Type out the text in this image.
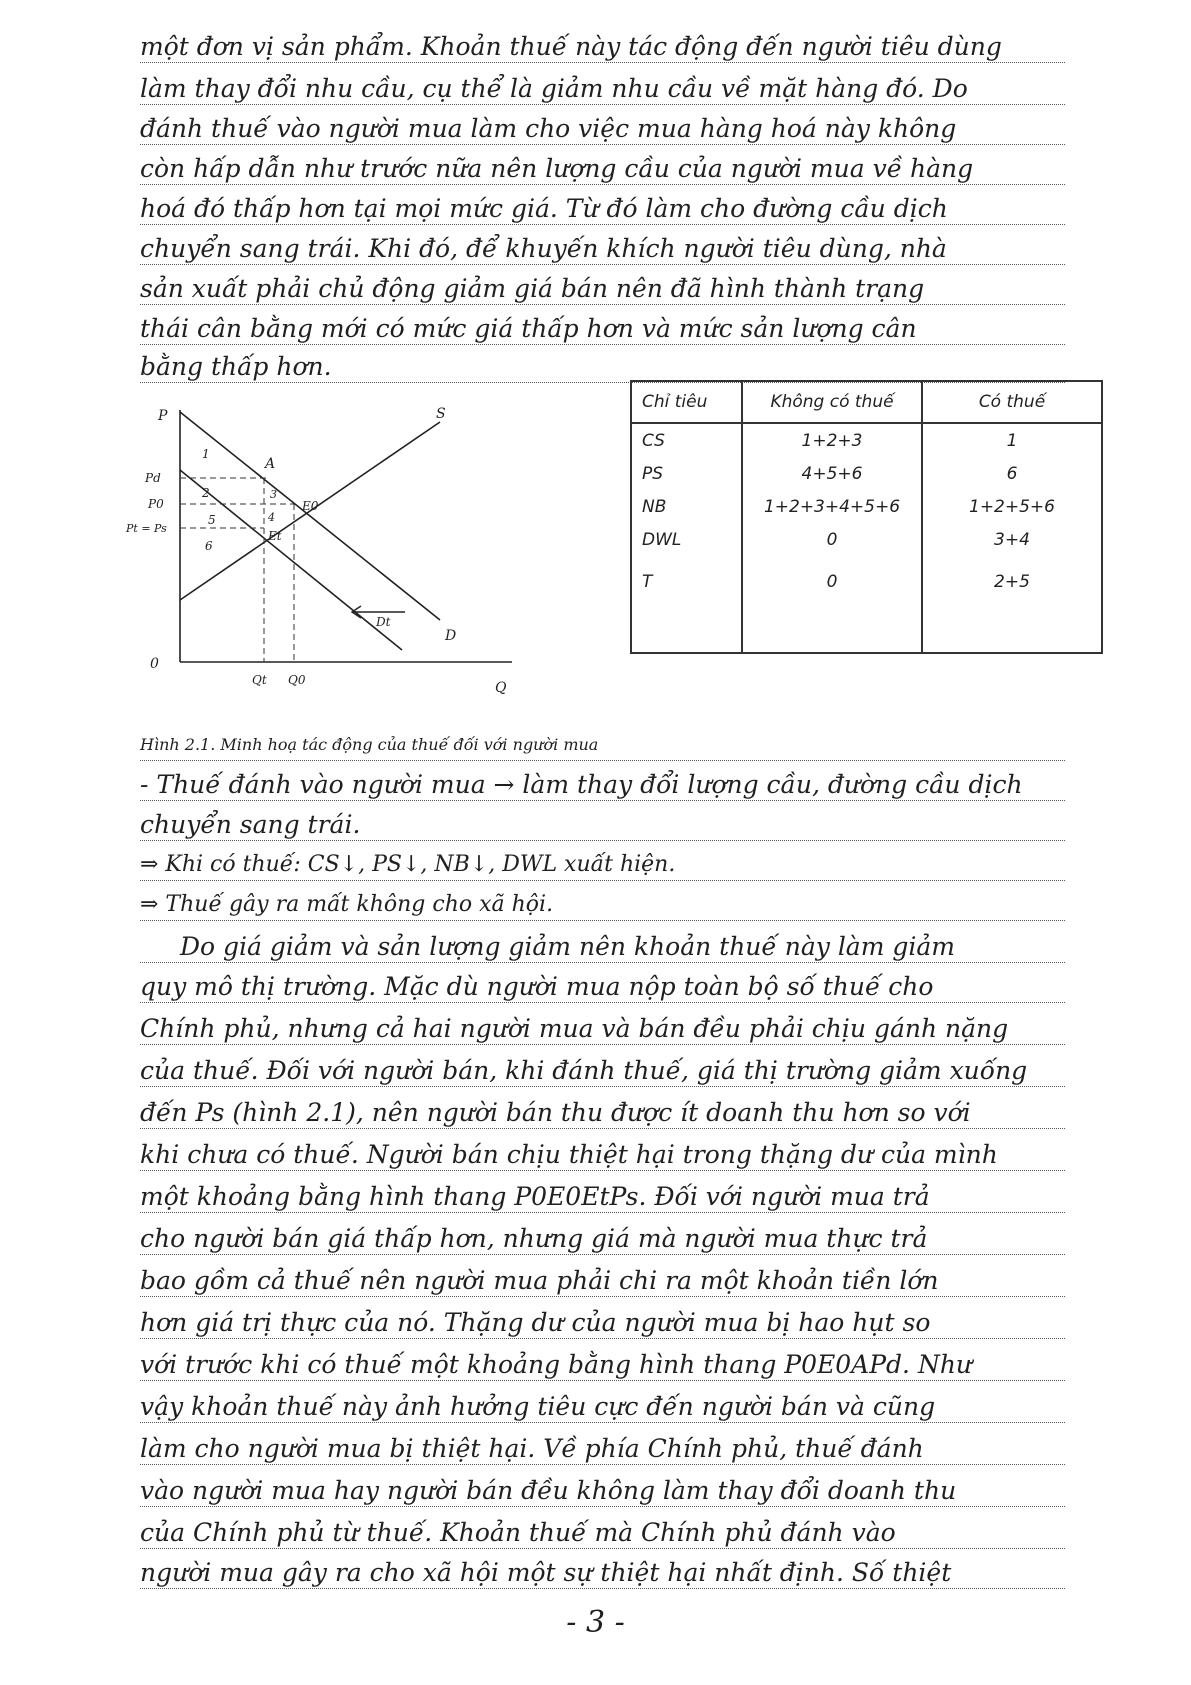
một đơn vị sản phẩm. Khoản thuế này tác động đến người tiêu dùng
làm thay đổi nhu cầu, cụ thể là giảm nhu cầu về mặt hàng đó. Do
đánh thuế vào người mua làm cho việc mua hàng hoá này không
còn hấp dẫn như trước nữa nên lượng cầu của người mua về hàng
hoá đó thấp hơn tại mọi mức giá. Từ đó làm cho đường cầu dịch
chuyển sang trái. Khi đó, để khuyến khích người tiêu dùng, nhà
sản xuất phải chủ động giảm giá bán nên đã hình thành trạng
thái cân bằng mới có mức giá thấp hơn và mức sản lượng cân
bằng thấp hơn.
P
Q
0
S
D
Dt
A
E0
Et
Pd
P0
Pt = Ps
Qt Q0
1
2	3
4
5
6
Chỉ tiêu	Không có thuế	Có thuế
CS	1+2+3	1
PS	4+5+6	6
NB	1+2+3+4+5+6	1+2+5+6
DWL	0	3+4
T	0	2+5
Hình 2.1. Minh hoạ tác động của thuế đối với người mua
- Thuế đánh vào người mua → làm thay đổi lượng cầu, đường cầu dịch
chuyển sang trái.
⇒ Khi có thuế: CS↓, PS↓, NB↓, DWL xuất hiện.
⇒ Thuế gây ra mất không cho xã hội.
Do giá giảm và sản lượng giảm nên khoản thuế này làm giảm
quy mô thị trường. Mặc dù người mua nộp toàn bộ số thuế cho
Chính phủ, nhưng cả hai người mua và bán đều phải chịu gánh nặng
của thuế. Đối với người bán, khi đánh thuế, giá thị trường giảm xuống
đến Ps (hình 2.1), nên người bán thu được ít doanh thu hơn so với
khi chưa có thuế. Người bán chịu thiệt hại trong thặng dư của mình
một khoảng bằng hình thang P0E0EtPs. Đối với người mua trả
cho người bán giá thấp hơn, nhưng giá mà người mua thực trả
bao gồm cả thuế nên người mua phải chi ra một khoản tiền lớn
hơn giá trị thực của nó. Thặng dư của người mua bị hao hụt so
với trước khi có thuế một khoảng bằng hình thang P0E0APd. Như
vậy khoản thuế này ảnh hưởng tiêu cực đến người bán và cũng
làm cho người mua bị thiệt hại. Về phía Chính phủ, thuế đánh
vào người mua hay người bán đều không làm thay đổi doanh thu
của Chính phủ từ thuế. Khoản thuế mà Chính phủ đánh vào
người mua gây ra cho xã hội một sự thiệt hại nhất định. Số thiệt
- 3 -
